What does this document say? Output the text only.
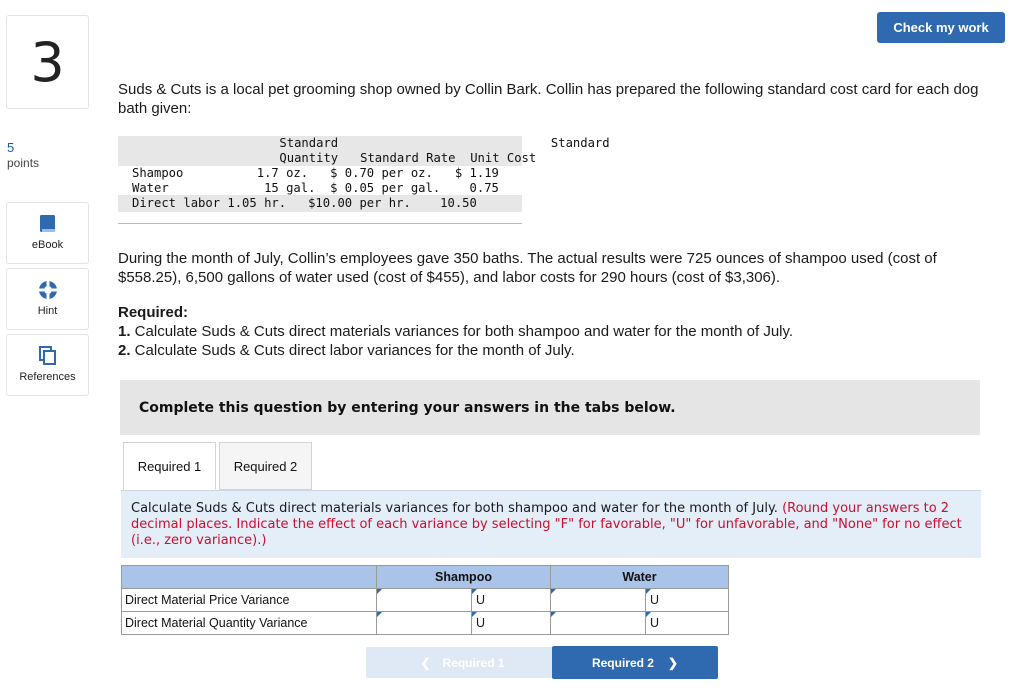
3
5
points
eBook
Hint
References
Check my work
Suds & Cuts is a local pet grooming shop owned by Collin Bark. Collin has prepared the following standard cost card for each dog bath given:
Standard                             Standard
Quantity   Standard Rate  Unit Cost
Shampoo          1.7 oz.   $ 0.70 per oz.   $ 1.19
Water             15 gal.  $ 0.05 per gal.    0.75
Direct labor 1.05 hr.   $10.00 per hr.    10.50
During the month of July, Collin’s employees gave 350 baths. The actual results were 725 ounces of shampoo used (cost of $558.25), 6,500 gallons of water used (cost of $455), and labor costs for 290 hours (cost of $3,306).
Required:
1. Calculate Suds & Cuts direct materials variances for both shampoo and water for the month of July.
2. Calculate Suds & Cuts direct labor variances for the month of July.
Complete this question by entering your answers in the tabs below.
Required 1	Required 2
Calculate Suds & Cuts direct materials variances for both shampoo and water for the month of July. (Round your answers to 2 decimal places. Indicate the effect of each variance by selecting "F" for favorable, "U" for unfavorable, and "None" for no effect (i.e., zero variance).)
	Shampoo		Water	
Direct Material Price Variance		U		U

Direct Material Quantity Variance		U		U
❮ Required 1	Required 2 ❯
